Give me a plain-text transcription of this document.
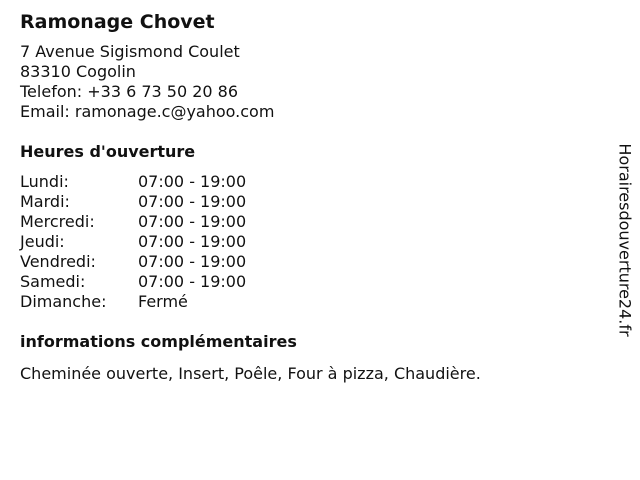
Ramonage Chovet
7 Avenue Sigismond Coulet
83310 Cogolin
Telefon: +33 6 73 50 20 86
Email: ramonage.c@yahoo.com
Heures d'ouverture
Lundi:	07:00 - 19:00
Mardi:	07:00 - 19:00
Mercredi:	07:00 - 19:00
Jeudi:	07:00 - 19:00
Vendredi:	07:00 - 19:00
Samedi:	07:00 - 19:00
Dimanche:	Fermé
informations complémentaires
Cheminée ouverte, Insert, Poêle, Four à pizza, Chaudière.
Horairesdouverture24.fr
